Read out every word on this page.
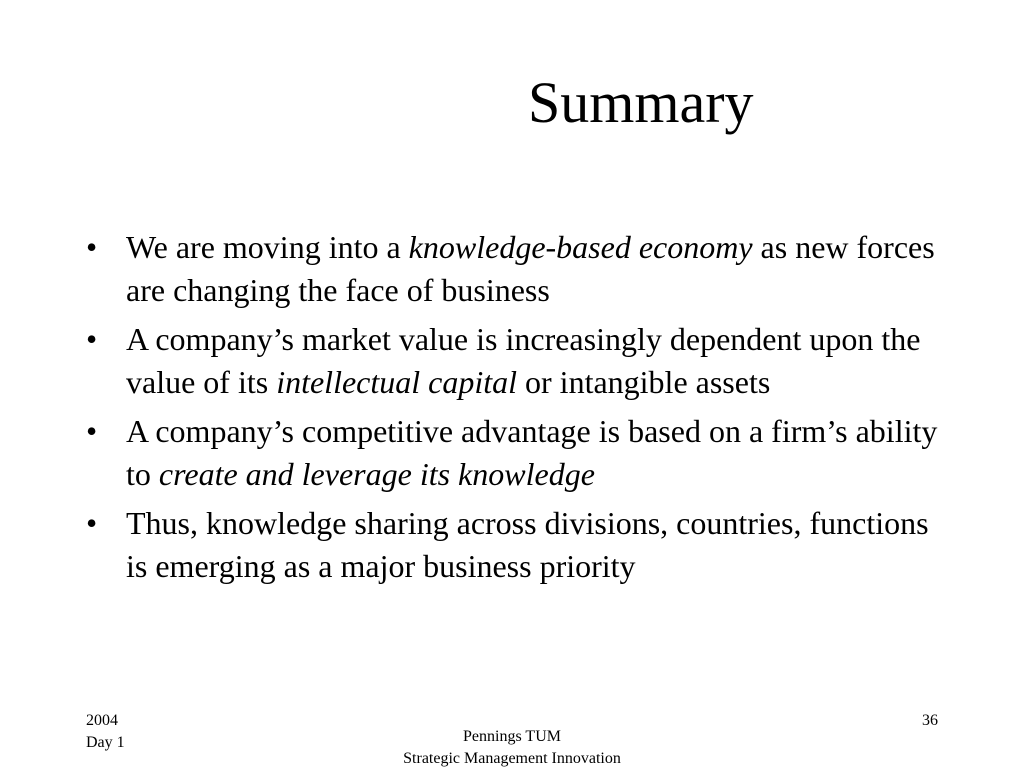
Summary
• We are moving into a knowledge-based economy as new forces are changing the face of business
• A company’s market value is increasingly dependent upon the value of its intellectual capital or intangible assets
• A company’s competitive advantage is based on a firm’s ability to create and leverage its knowledge
• Thus, knowledge sharing across divisions, countries, functions is emerging as a major business priority
2004
Day 1	Pennings TUM
Strategic Management Innovation
36
